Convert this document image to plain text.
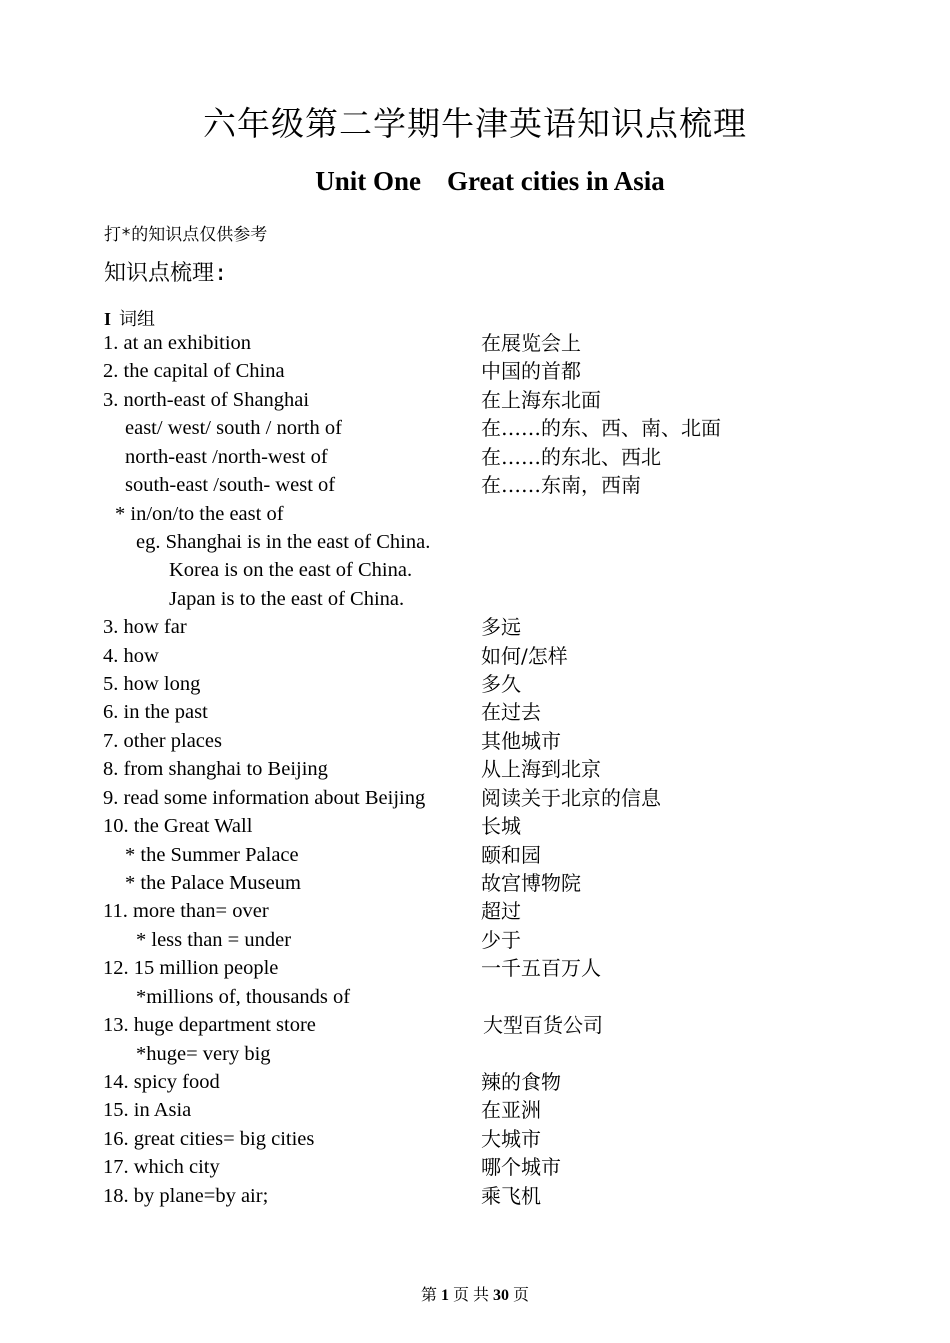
六年级第二学期牛津英语知识点梳理
Unit One Great cities in Asia
打*的知识点仅供参考
知识点梳理:
I 词组
1. at an exhibition	在展览会上
2. the capital of China	中国的首都
3. north-east of Shanghai	在上海东北面
east/ west/ south / north of	在……的东、西、南、北面
north-east /north-west of	在……的东北、西北
south-east /south- west of	在……东南，西南
* in/on/to the east of
eg. Shanghai is in the east of China.
Korea is on the east of China.
Japan is to the east of China.
3. how far	多远
4. how	如何/怎样
5. how long	多久
6. in the past	在过去
7. other places	其他城市
8. from shanghai to Beijing	从上海到北京
9. read some information about Beijing	阅读关于北京的信息
10. the Great Wall	长城
* the Summer Palace	颐和园
* the Palace Museum	故宫博物院
11. more than= over	超过
* less than = under	少于
12. 15 million people	一千五百万人
*millions of, thousands of
13. huge department store	大型百货公司
*huge= very big
14. spicy food	辣的食物
15. in Asia	在亚洲
16. great cities= big cities	大城市
17. which city	哪个城市
18. by plane=by air;	乘飞机
第 1 页 共 30 页
